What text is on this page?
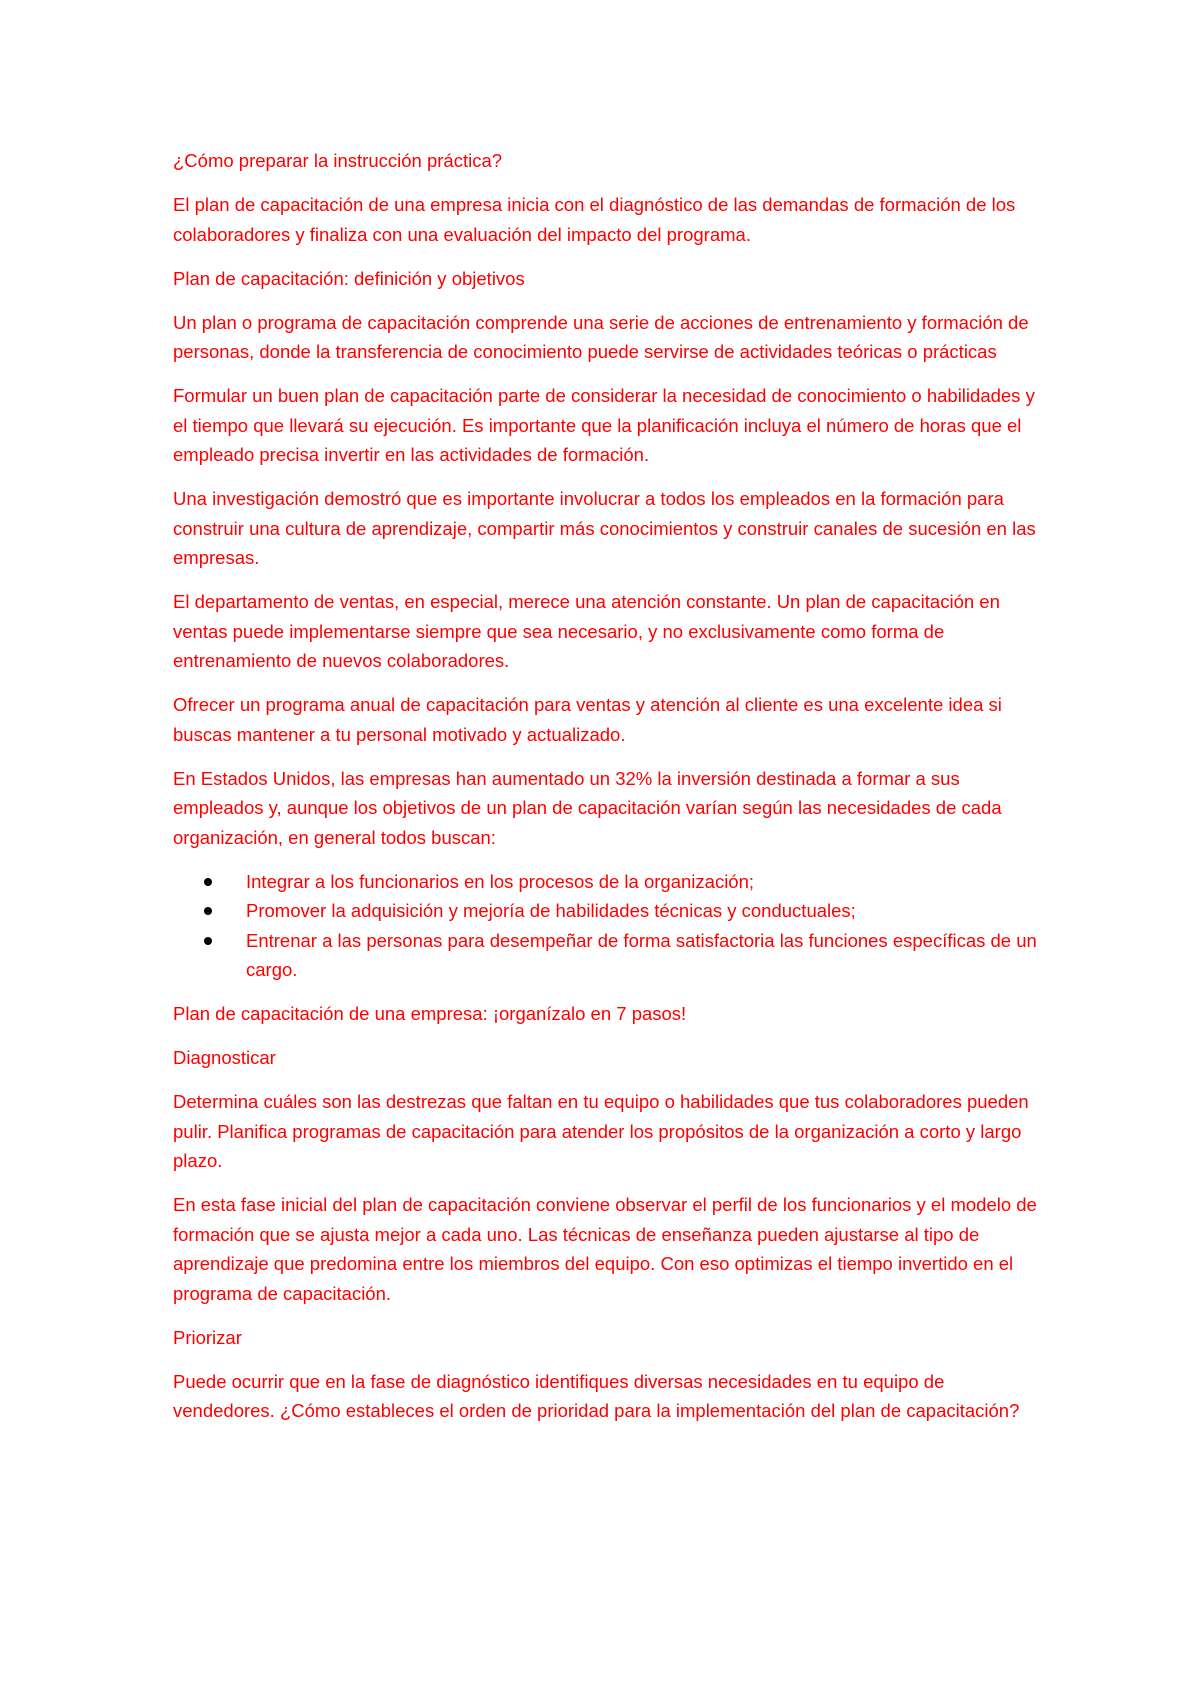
¿Cómo preparar la instrucción práctica?

El plan de capacitación de una empresa inicia con el diagnóstico de las demandas de formación de los colaboradores y finaliza con una evaluación del impacto del programa.

Plan de capacitación: definición y objetivos

Un plan o programa de capacitación comprende una serie de acciones de entrenamiento y formación de personas, donde la transferencia de conocimiento puede servirse de actividades teóricas o prácticas

Formular un buen plan de capacitación parte de considerar la necesidad de conocimiento o habilidades y el tiempo que llevará su ejecución. Es importante que la planificación incluya el número de horas que el empleado precisa invertir en las actividades de formación.

Una investigación demostró que es importante involucrar a todos los empleados en la formación para construir una cultura de aprendizaje, compartir más conocimientos y construir canales de sucesión en las empresas.

El departamento de ventas, en especial, merece una atención constante. Un plan de capacitación en ventas puede implementarse siempre que sea necesario, y no exclusivamente como forma de entrenamiento de nuevos colaboradores.

Ofrecer un programa anual de capacitación para ventas y atención al cliente es una excelente idea si buscas mantener a tu personal motivado y actualizado.

En Estados Unidos, las empresas han aumentado un 32% la inversión destinada a formar a sus empleados y, aunque los objetivos de un plan de capacitación varían según las necesidades de cada organización, en general todos buscan:

Integrar a los funcionarios en los procesos de la organización;
Promover la adquisición y mejoría de habilidades técnicas y conductuales;
Entrenar a las personas para desempeñar de forma satisfactoria las funciones específicas de un cargo.

Plan de capacitación de una empresa: ¡organízalo en 7 pasos!

Diagnosticar

Determina cuáles son las destrezas que faltan en tu equipo o habilidades que tus colaboradores pueden pulir. Planifica programas de capacitación para atender los propósitos de la organización a corto y largo plazo.

En esta fase inicial del plan de capacitación conviene observar el perfil de los funcionarios y el modelo de formación que se ajusta mejor a cada uno. Las técnicas de enseñanza pueden ajustarse al tipo de aprendizaje que predomina entre los miembros del equipo. Con eso optimizas el tiempo invertido en el programa de capacitación.

Priorizar

Puede ocurrir que en la fase de diagnóstico identifiques diversas necesidades en tu equipo de vendedores. ¿Cómo estableces el orden de prioridad para la implementación del plan de capacitación?
